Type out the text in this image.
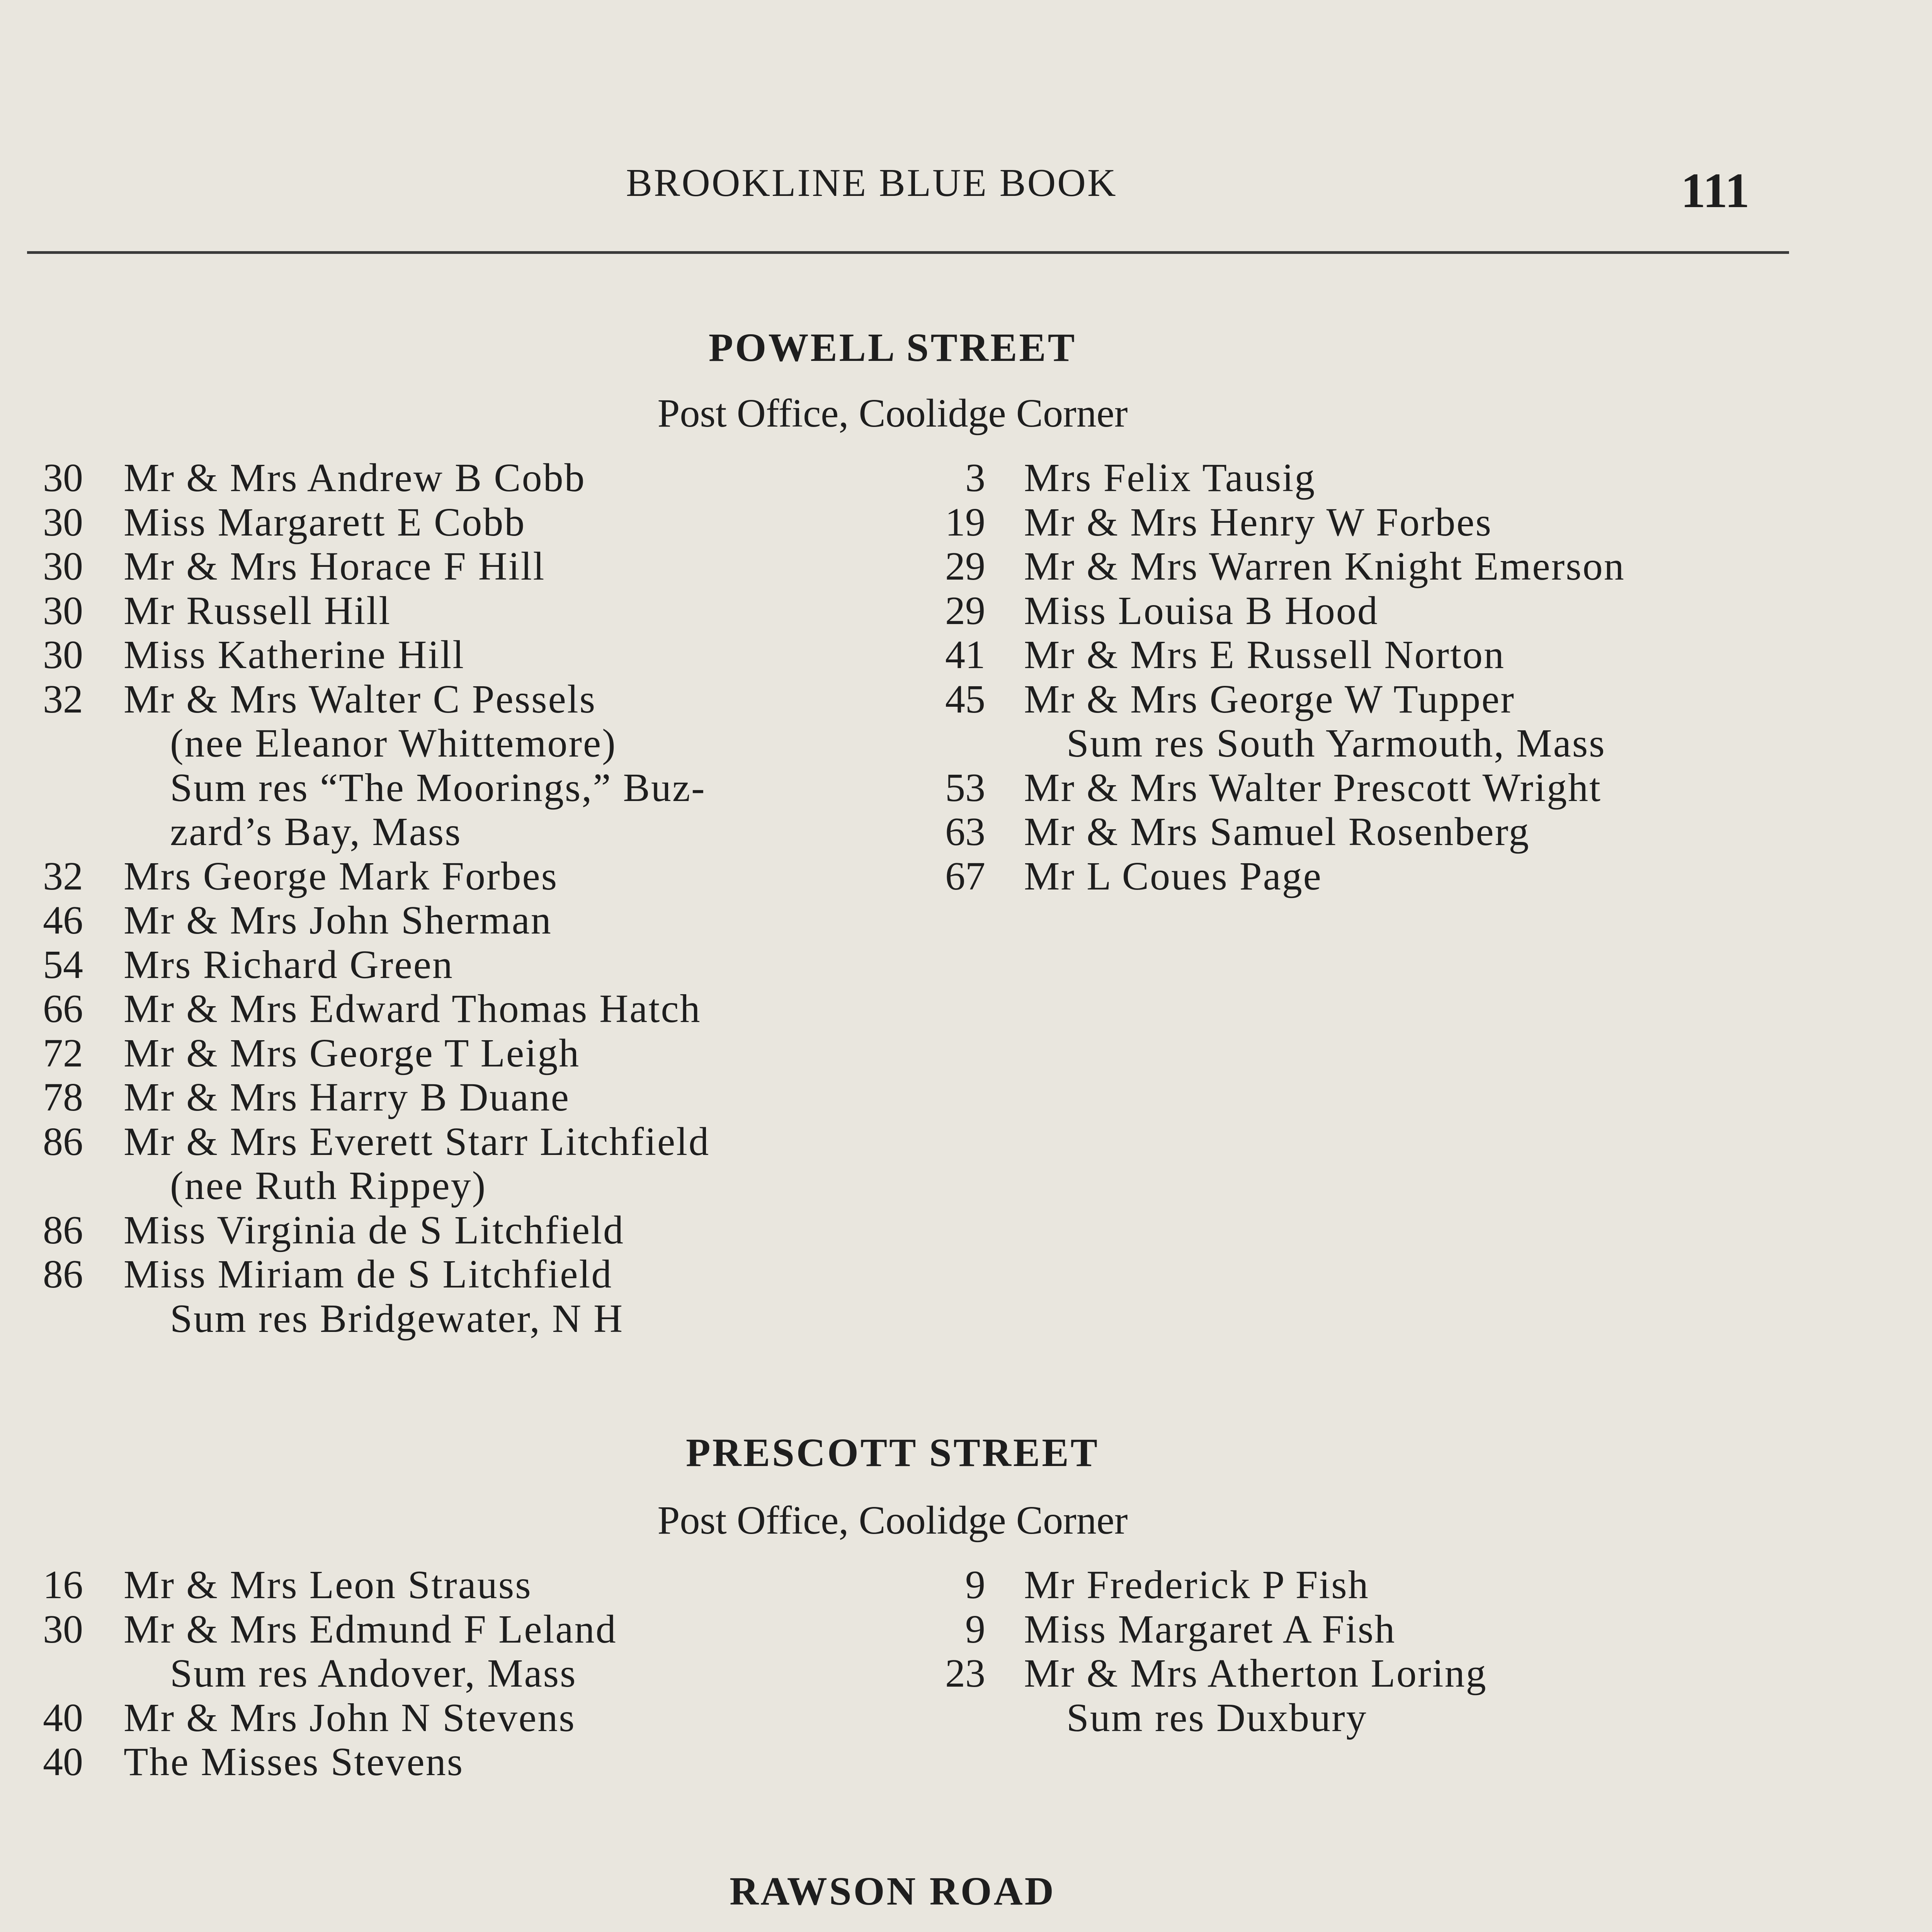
BROOKLINE BLUE BOOK	111
POWELL STREET
Post Office, Coolidge Corner
30 Mr & Mrs Andrew B Cobb
30 Miss Margarett E Cobb
30 Mr & Mrs Horace F Hill
30 Mr Russell Hill
30 Miss Katherine Hill
32 Mr & Mrs Walter C Pessels
(nee Eleanor Whittemore)
Sum res “The Moorings,” Buz-
zard’s Bay, Mass
32 Mrs George Mark Forbes
46 Mr & Mrs John Sherman
54 Mrs Richard Green
66 Mr & Mrs Edward Thomas Hatch
72 Mr & Mrs George T Leigh
78 Mr & Mrs Harry B Duane
86 Mr & Mrs Everett Starr Litchfield
(nee Ruth Rippey)
86 Miss Virginia de S Litchfield
86 Miss Miriam de S Litchfield
Sum res Bridgewater, N H
3 Mrs Felix Tausig
19 Mr & Mrs Henry W Forbes
29 Mr & Mrs Warren Knight Emerson
29 Miss Louisa B Hood
41 Mr & Mrs E Russell Norton
45 Mr & Mrs George W Tupper
Sum res South Yarmouth, Mass
53 Mr & Mrs Walter Prescott Wright
63 Mr & Mrs Samuel Rosenberg
67 Mr L Coues Page
PRESCOTT STREET
Post Office, Coolidge Corner
16 Mr & Mrs Leon Strauss
30 Mr & Mrs Edmund F Leland
Sum res Andover, Mass
40 Mr & Mrs John N Stevens
40 The Misses Stevens
9 Mr Frederick P Fish
9 Miss Margaret A Fish
23 Mr & Mrs Atherton Loring
Sum res Duxbury
RAWSON ROAD
